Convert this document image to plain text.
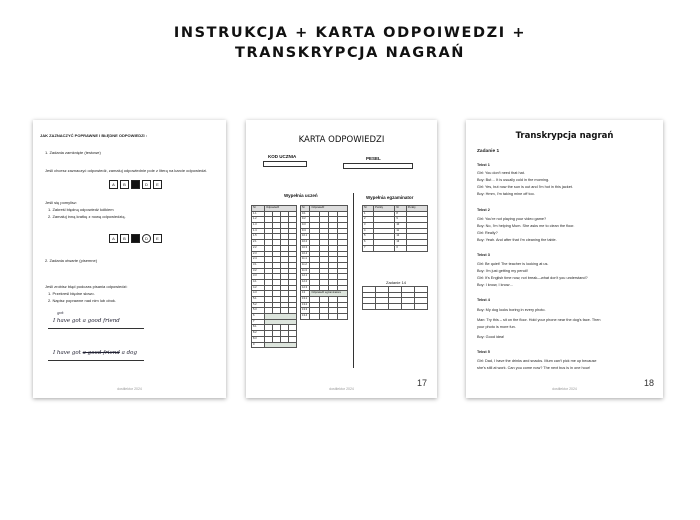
INSTRUKCJA + KARTA ODPOIWEDZI +
TRANSKRYPCJA NAGRAŃ
JAK ZAZNACZYĆ POPRAWNE I BŁĘDNE ODPOWIEDZI :
1. Zadania zamknięte (testowe)
Jeśli chcesz zaznaczyć odpowiedź, zamaluj odpowiednie pole z literą na karcie odpowiedzi.
A	B	C	D	E
Jeśli się pomylisz:
1. Zakreśl błędną odpowiedź kółkiem
2. Zamaluj inną kratkę z nową odpowiedzią.
A	B	C	D	E
2. Zadania otwarte (pisemne)
Jeśli zrobisz błąd podczas pisania odpowiedzi:
1. Przekreśl błędne słowo.
2. Napisz poprawne nad nim lub obok.
got
I have got a good friend
I have got a good friend a dog
dostilektor 2024
KARTA ODPOWIEDZI
KOD UCZNIA	PESEL
Wypełnia uczeń	Wypełnia egzaminator
Nr	Odpowiedź			
1.1				
1.2				
1.3				
1.4				
1.5				
2.1				
2.2				
2.3				
2.4				
3.1				
3.2				
3.3				
4.1				
4.2				
4.3				
5.1				
5.2				
5.3				
6				
7				
8.1				
8.2				
8.3				
9				
Nr	Odpowiedź			
9.1				
9.2				
9.3				
9.4				
10.1				
10.2				
10.3				
10.4				
11.1				
11.2				
11.3				
12.1				
12.2				
12.3				
13	Odpowiedź egzaminatora			
13.1				
13.2				
13.3				
13.4				
Nr	Punkty	Nr	Punkty
1		8	
2		9	
3		10	
4		11	
5		12	
6		13	
7		Σ	
Zadanie 14

17
dostilektor 2024
Transkrypcja nagrań
Zadanie 1
Tekst 1
Girl: You don't need that hat.
Boy: But… It is usually cold in the morning.
Girl: Yes, but now the sun is out and I'm hot in this jacket.
Boy: Hmm, I'm taking mine off too.
Tekst 2
Girl: You're not playing your video game?
Boy: No, I'm helping Mum. She asks me to clean the floor.
Girl: Really?
Boy: Yeah. And after that I'm cleaning the table.
Tekst 3
Girl: Be quiet! The teacher is looking at us.
Boy: I'm just getting my pencil!
Girl: It's English time now, not break—what don't you understand?
Boy: I know, I know…
Tekst 4
Boy: My dog looks boring in every photo.
Man: Try this – sit on the floor. Hold your phone near the dog's face. Then
your photo is more fun.
Boy: Good idea!
Tekst 5
Girl: Dad, I have the drinks and snacks. Mum can't pick me up because
she's still at work. Can you come now? The next bus is in one hour!
18
dostilektor 2024
